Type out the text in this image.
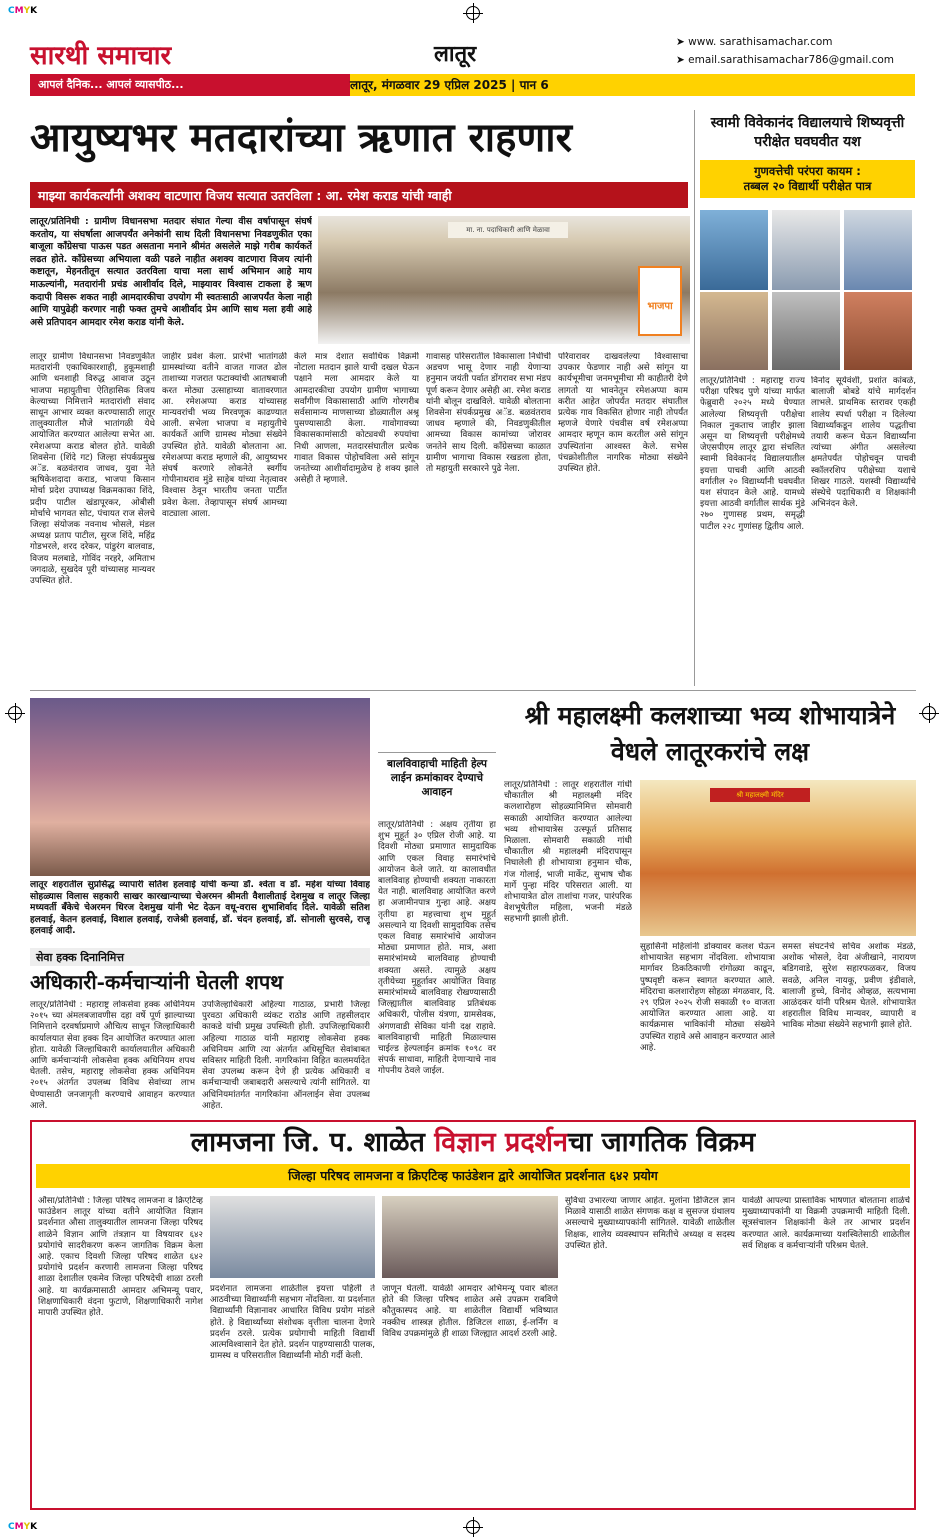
CMYK
CMYK
सारथी समाचार	लातूर	➤ www. sarathisamachar.com
➤ email.sarathisamachar786@gmail.com
आपलं दैनिक... आपलं व्यासपीठ...	लातूर, मंगळवार 29 एप्रिल 2025 | पान 6
आयुष्यभर मतदारांच्या ऋणात राहणार
माझ्या कार्यकर्त्यांनी अशक्य वाटणारा विजय सत्यात उतरविला : आ. रमेश कराड यांची ग्वाही
लातूर/प्रतिनिधी : ग्रामीण विधानसभा मतदार संघात गेल्या वीस वर्षापासून संघर्ष करतोय, या संघर्षाला आजपर्यंत अनेकांनी साथ दिली विधानसभा निवडणुकीत एका बाजूला काँग्रेसचा पाऊस पडत असताना मनाने श्रीमंत असलेले माझे गरीब कार्यकर्ते लढत होते. काँग्रेसच्या अभियाला वळी पडले नाहीत अशक्य वाटणारा विजय त्यांनी कष्टातून, मेहनतीतून सत्यात उतरविला याचा मला सार्थ अभिमान आहे माय माऊल्यांनी, मतदारांनी प्रचंड आशीर्वाद दिले, माझ्यावर विश्वास टाकला हे ऋण कदापी विसरू शकत नाही आमदारकीचा उपयोग मी स्वतःसाठी आजपर्यंत केला नाही आणि यापुढेही करणार नाही फक्त तुमचे आशीर्वाद प्रेम आणि साथ मला हवी आहे असे प्रतिपादन आमदार रमेश कराड यांनी केले.
मा. ना. पदाधिकारी आणि मेळावा
भाजपा
लातूर ग्रामीण विधानसभा निवडणुकीत मतदारांनी एकाधिकारशाही, हुकूमशाही आणि धनशाही विरुद्ध आवाज उठून भाजपा महायुतीचा ऐतिहासिक विजय केल्याच्या निमित्ताने मतदारांशी संवाद साधून आभार व्यक्त करण्यासाठी लातूर तालुक्यातील मौजे भातांगळी येथे आयोजित करण्यात आलेल्या सभेत आ. रमेशअप्पा कराड बोलत होते. यावेळी शिवसेना (शिंदे गट) जिल्हा संपर्कप्रमुख अॅड. बळवंतराव जाधव, युवा नेते ऋषिकेशदादा कराड, भाजपा किसान मोर्चा प्रदेश उपाध्यक्ष विक्रमकाका शिंदे, प्रदीप पाटील खंडापूरकर, ओबीसी मोर्चाचे भागवत सोट, पंचायत राज सेलचे जिल्हा संयोजक नवनाथ भोसले, मंडल अध्यक्ष प्रताप पाटील, सुरज शिंदे, महिंद्र गोडभरले, शरद दरेकर, पांडुरंग बालवाड, विजय मलबाडे, गोविंद नरहरे, अमिताभ जगदाळे, सुखदेव पूरी यांच्यासह मान्यवर उपस्थित होते.
जाहीर प्रवेश केला. प्रारंभी भातांगळी ग्रामस्थांच्या वतीने वाजत गाजत ढोल ताशाच्या गजरात फटाक्यांची आतषबाजी करत मोठ्या उत्साहाच्या वातावरणात आ. रमेशअप्पा कराड यांच्यासह मान्यवरांची भव्य मिरवणूक काढण्यात आली. सभेला भाजपा व महायुतीचे कार्यकर्ते आणि ग्रामस्थ मोठ्या संख्येने उपस्थित होते. यावेळी बोलताना आ. रमेशअप्पा कराड म्हणाले की, आयुष्यभर संघर्ष करणारे लोकनेते स्वर्गीय गोपीनाथराव मुंडे साहेब यांच्या नेतृत्वावर विश्वास ठेवून भारतीय जनता पार्टीत प्रवेश केला. तेव्हापासून संघर्ष आमच्या वाट्याला आला.
केले मात्र देशात सर्वाधिक विक्रमी नोटाला मतदान झाले याची दखल घेऊन पक्षाने मला आमदार केले या आमदारकीचा उपयोग ग्रामीण भागाच्या सर्वांगीण विकासासाठी आणि गोरगरीब सर्वसामान्य माणसाच्या डोळ्यातील अश्रू पुसण्यासाठी केला. गावोगावच्या विकासकामांसाठी कोट्यवधी रुपयांचा निधी आणला, मतदारसंघातील प्रत्येक गावात विकास पोहोचविला असे सांगून जनतेच्या आशीर्वादामुळेच हे शक्य झाले असेही ते म्हणाले.
गावासह परिसरातील विकासाला निधीची अडचण भासू देणार नाही येणाऱ्या हनुमान जयंती पर्वात डोंगरावर सभा मंडप पूर्ण करून देणार असेही आ. रमेश कराड यांनी बोलून दाखविले. यावेळी बोलताना शिवसेना संपर्कप्रमुख अॅड. बळवंतराव जाधव म्हणाले की, निवडणुकीतील आमच्या विकास कामांच्या जोरावर जनतेने साथ दिली. काँग्रेसच्या काळात ग्रामीण भागाचा विकास रखडला होता, तो महायुती सरकारने पुढे नेला.
परिवारावर दाखवलेल्या विश्वासाचा उपकार फेडणार नाही असे सांगून या कार्यभूमीचा जनमभूमीचा मी काहीतरी देणे लागतो या भावनेतून रमेशअप्पा काम करीत आहेत जोपर्यंत मतदार संघातील प्रत्येक गाव विकसित होणार नाही तोपर्यंत म्हणजे येणारे पंचवीस वर्ष रमेशअप्पा आमदार म्हणून काम करतील असे सांगून उपस्थितांना आश्वस्त केले. सभेस पंचक्रोशीतील नागरिक मोठ्या संख्येने उपस्थित होते.
स्वामी विवेकानंद विद्यालयाचे शिष्यवृत्ती परीक्षेत घवघवीत यश
गुणवत्तेची परंपरा कायम :
तब्बल २० विद्यार्थी परीक्षेत पात्र
लातूर/प्रतिनिधी : महाराष्ट्र राज्य परीक्षा परिषद पुणे यांच्या मार्फत फेब्रुवारी २०२५ मध्ये घेण्यात आलेल्या शिष्यवृत्ती परीक्षेचा निकाल नुकताच जाहीर झाला असून या शिष्यवृत्ती परीक्षेमध्ये जेएसपीएम लातूर द्वारा संचलित स्वामी विवेकानंद विद्यालयातील इयत्ता पाचवी आणि आठवी वर्गातील २० विद्यार्थ्यांनी घवघवीत यश संपादन केले आहे. यामध्ये इयत्ता आठवी वर्गातील सार्थक मुंडे २७० गुणासह प्रथम, समृद्धी पाटील २२८ गुणांसह द्वितीय आले.
विनोद सूर्यवंशी, प्रशांत कांबळे, बालाजी बोबडे यांचे मार्गदर्शन लाभले. प्राथमिक स्तरावर एकही शालेय स्पर्धा परीक्षा न दिलेल्या विद्यार्थ्यांकडून शालेय पद्धतीचा तयारी करून घेऊन विद्यार्थ्यांना त्यांच्या अंगीत असलेल्या क्षमतेपर्यंत पोहोचवून पाचवी स्कॉलरशिप परीक्षेच्या यशाचे शिखर गाठले. यशस्वी विद्यार्थ्यांचे संस्थेचे पदाधिकारी व शिक्षकांनी अभिनंदन केले.
लातूर शहरातील सुप्रसिद्ध व्यापारी सतिश हलवाई यांची कन्या डॉ. श्वेता व डॉ. महेश यांच्या विवाह सोहळ्यास विलास सहकारी साखर कारखान्याच्या चेअरमन श्रीमती वैशालीताई देशमुख व लातूर जिल्हा मध्यवर्ती बँकेचे चेअरमन धिरज देशमुख यांनी भेट देऊन वधू-वरास शुभाशिर्वाद दिले. यावेळी सतिश हलवाई, केतन हलवाई, विशाल हलवाई, राजेश्री हलवाई, डॉ. चंदन हलवाई, डॉ. सोनाली सुरवसे, राजू हलवाई आदी.
बालविवाहाची माहिती हेल्प लाईन क्रमांकावर देण्याचे आवाहन
लातूर/प्रतिनिधी : अक्षय तृतीया हा शुभ मुहूर्त ३० एप्रिल रोजी आहे. या दिवशी मोठ्या प्रमाणात सामुदायिक आणि एकल विवाह समारंभांचे आयोजन केले जाते. या कालावधीत बालविवाह होण्याची शक्यता नाकारता येत नाही. बालविवाह आयोजित करणे हा अजामीनपात्र गुन्हा आहे. अक्षय तृतीया हा महत्त्वाचा शुभ मुहूर्त असल्याने या दिवशी सामुदायिक तसेच एकल विवाह समारंभांचे आयोजन मोठ्या प्रमाणात होते. मात्र, अशा समारंभांमध्ये बालविवाह होण्याची शक्यता असते. त्यामुळे अक्षय तृतीयेच्या मुहूर्तावर आयोजित विवाह समारंभांमध्ये बालविवाह रोखण्यासाठी जिल्ह्यातील बालविवाह प्रतिबंधक अधिकारी, पोलीस यंत्रणा, ग्रामसेवक, अंगणवाडी सेविका यांनी दक्ष राहावे. बालविवाहाची माहिती मिळाल्यास चाईल्ड हेल्पलाईन क्रमांक १०९८ वर संपर्क साधावा, माहिती देणाऱ्याचे नाव गोपनीय ठेवले जाईल.
श्री महालक्ष्मी कलशाच्या भव्य शोभायात्रेने वेधले लातूरकरांचे लक्ष
लातूर/प्रतिनिधी : लातूर शहरातील गांधी चौकातील श्री महालक्ष्मी मंदिर कलशारोहण सोहळ्यानिमित्त सोमवारी सकाळी आयोजित करण्यात आलेल्या भव्य शोभायात्रेस उत्स्फूर्त प्रतिसाद मिळाला. सोमवारी सकाळी गांधी चौकातील श्री महालक्ष्मी मंदिरापासून निघालेली ही शोभायात्रा हनुमान चौक, गंज गोलाई, भाजी मार्केट, सुभाष चौक मार्गे पुन्हा मंदिर परिसरात आली. या शोभायात्रेत ढोल ताशांचा गजर, पारंपरिक वेशभूषेतील महिला, भजनी मंडळे सहभागी झाली होती.
श्री महालक्ष्मी मंदिर
सुहासिनी महिलांनी डोक्यावर कलश घेऊन शोभायात्रेत सहभाग नोंदविला. शोभायात्रा मार्गावर ठिकठिकाणी रांगोळ्या काढून, पुष्पवृष्टी करून स्वागत करण्यात आले. मंदिराचा कलशारोहण सोहळा मंगळवार, दि. २९ एप्रिल २०२५ रोजी सकाळी १० वाजता आयोजित करण्यात आला आहे. या कार्यक्रमास भाविकांनी मोठ्या संख्येने उपस्थित राहावे असे आवाहन करण्यात आले आहे.
समस्त संघटनेचे सचिव अशोक मंडळे, अशोक भोसले, देवा अंजीखाने, नारायण बडिगवाडे, सुरेश सहारफळकर, विजय सवळे, अनिल नायकू, प्रवीण इंडीवाले, बालाजी हुच्चे, विनोद ओव्हळ, सत्यभामा आळंदकर यांनी परिश्रम घेतले. शोभायात्रेत शहरातील विविध मान्यवर, व्यापारी व भाविक मोठ्या संख्येने सहभागी झाले होते.
सेवा हक्क दिनानिमित्त
अधिकारी-कर्मचाऱ्यांनी घेतली शपथ
लातूर/प्रतिनिधी : महाराष्ट्र लोकसेवा हक्क अधिनियम २०१५ च्या अंमलबजावणीस दहा वर्षे पूर्ण झाल्याच्या निमित्ताने दरवर्षाप्रमाणे औचित्य साधून जिल्हाधिकारी कार्यालयात सेवा हक्क दिन आयोजित करण्यात आला होता. यावेळी जिल्हाधिकारी कार्यालयातील अधिकारी आणि कर्मचाऱ्यांनी लोकसेवा हक्क अधिनियम शपथ घेतली. तसेच, महाराष्ट्र लोकसेवा हक्क अधिनियम २०१५ अंतर्गत उपलब्ध विविध सेवांच्या लाभ घेण्यासाठी जनजागृती करण्याचे आवाहन करण्यात आले.
उपजिल्हाधिकारी अहिल्या गाठाळ, प्रभारी जिल्हा पुरवठा अधिकारी व्यंकट राठोड आणि तहसीलदार काकडे यांची प्रमुख उपस्थिती होती. उपजिल्हाधिकारी अहिल्या गाठाळ यांनी महाराष्ट्र लोकसेवा हक्क अधिनियम आणि त्या अंतर्गत अधिसूचित सेवांबाबत सविस्तर माहिती दिली. नागरिकांना विहित कालमर्यादेत सेवा उपलब्ध करून देणे ही प्रत्येक अधिकारी व कर्मचाऱ्याची जबाबदारी असल्याचे त्यांनी सांगितले. या अधिनियमांतर्गत नागरिकांना ऑनलाईन सेवा उपलब्ध आहेत.
लामजना जि. प. शाळेत विज्ञान प्रदर्शनचा जागतिक विक्रम
जिल्हा परिषद लामजना व क्रिएटिव्ह फाउंडेशन द्वारे आयोजित प्रदर्शनात ६४२ प्रयोग
औसा/प्रतिनिधी : जिल्हा परिषद लामजना व क्रिएटिव्ह फाउंडेशन लातूर यांच्या वतीने आयोजित विज्ञान प्रदर्शनात औसा तालुक्यातील लामजना जिल्हा परिषद शाळेने विज्ञान आणि तंत्रज्ञान या विषयावर ६४२ प्रयोगांचे सादरीकरण करून जागतिक विक्रम केला आहे. एकाच दिवशी जिल्हा परिषद शाळेत ६४२ प्रयोगांचे प्रदर्शन करणारी लामजना जिल्हा परिषद शाळा देशातील एकमेव जिल्हा परिषदेची शाळा ठरली आहे. या कार्यक्रमासाठी आमदार अभिमन्यू पवार, शिक्षणाधिकारी वंदना फुटाणे, शिक्षणाधिकारी नागेश मापारी उपस्थित होते.
प्रदर्शनात लामजना शाळेतील इयत्ता पहिली ते आठवीच्या विद्यार्थ्यांनी सहभाग नोंदविला. या प्रदर्शनात विद्यार्थ्यांनी विज्ञानावर आधारित विविध प्रयोग मांडले होते. हे विद्यार्थ्यांच्या संशोधक वृत्तीला चालना देणारे प्रदर्शन ठरले. प्रत्येक प्रयोगाची माहिती विद्यार्थी आत्मविश्वासाने देत होते. प्रदर्शन पाहण्यासाठी पालक, ग्रामस्थ व परिसरातील विद्यार्थ्यांनी मोठी गर्दी केली.
जाणून घेतली. यावेळी आमदार अभिमन्यू पवार बोलत होते की जिल्हा परिषद शाळेत असे उपक्रम राबविणे कौतुकास्पद आहे. या शाळेतील विद्यार्थी भविष्यात नक्कीच शास्त्रज्ञ होतील. डिजिटल शाळा, ई-लर्निंग व विविध उपक्रमांमुळे ही शाळा जिल्ह्यात आदर्श ठरली आहे.
सुविधा उभारल्या जाणार आहेत. मुलांना डिजिटल ज्ञान मिळावे यासाठी शाळेत संगणक कक्ष व सुसज्ज ग्रंथालय असल्याचे मुख्याध्यापकांनी सांगितले. यावेळी शाळेतील शिक्षक, शालेय व्यवस्थापन समितीचे अध्यक्ष व सदस्य उपस्थित होते.
यावेळी आपल्या प्रास्ताविक भाषणात बोलताना शाळेचे मुख्याध्यापकांनी या विक्रमी उपक्रमाची माहिती दिली. सूत्रसंचालन शिक्षकांनी केले तर आभार प्रदर्शन करण्यात आले. कार्यक्रमाच्या यशस्वितेसाठी शाळेतील सर्व शिक्षक व कर्मचाऱ्यांनी परिश्रम घेतले.
